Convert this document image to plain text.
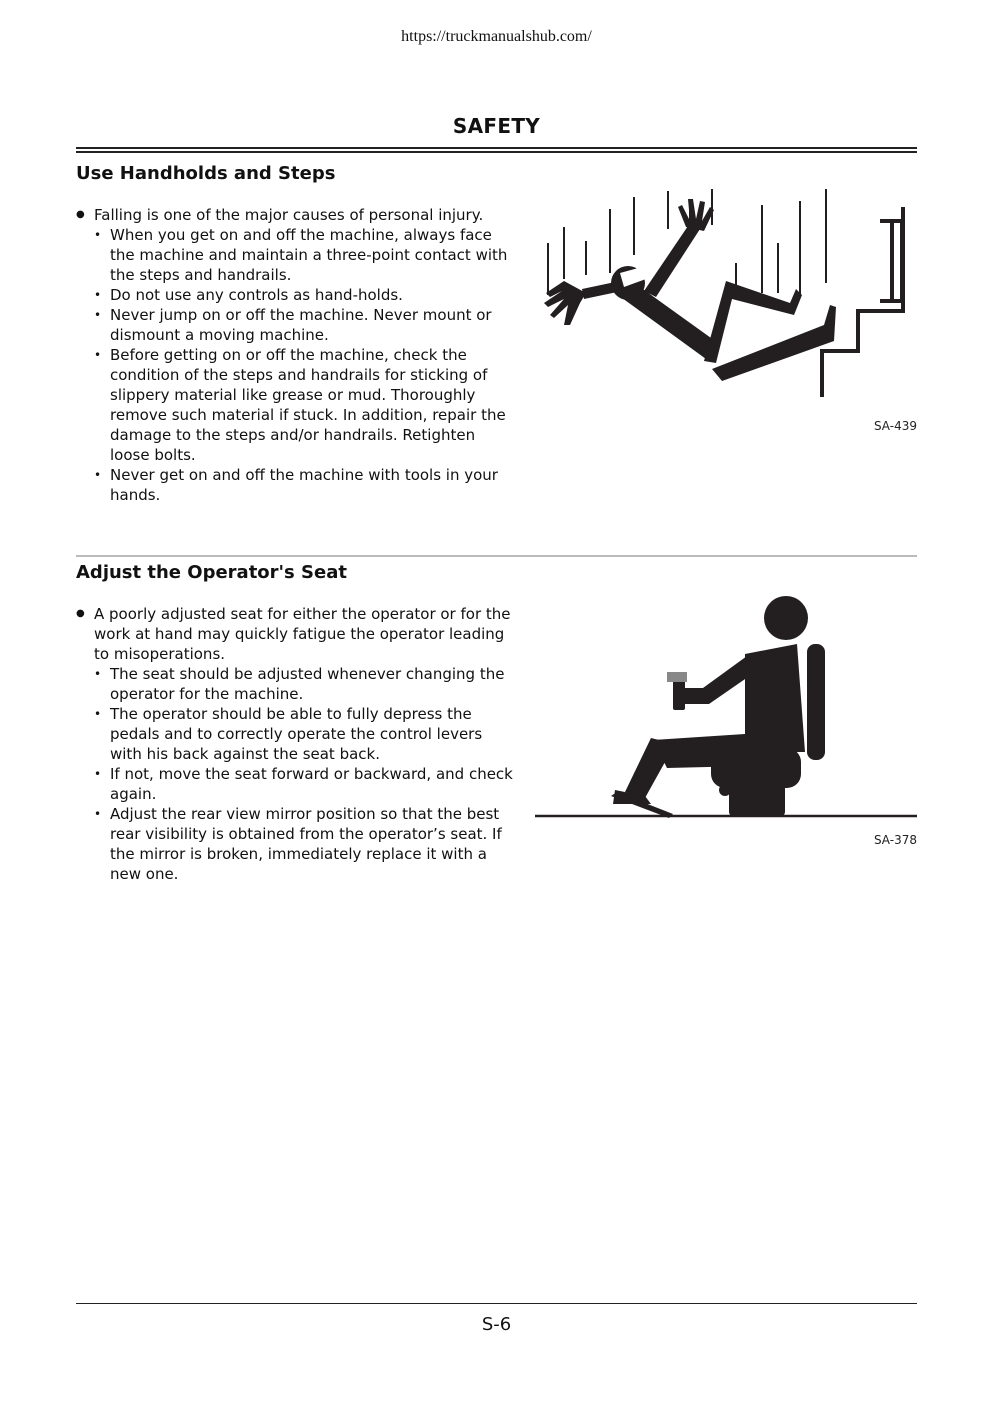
https://truckmanualshub.com/
SAFETY
Use Handholds and Steps
● Falling is one of the major causes of personal injury.
• When you get on and off the machine, always face the machine and maintain a three-point contact with the steps and handrails.
• Do not use any controls as hand-holds.
• Never jump on or off the machine. Never mount or dismount a moving machine.
• Before getting on or off the machine, check the condition of the steps and handrails for sticking of slippery material like grease or mud. Thoroughly remove such material if stuck. In addition, repair the damage to the steps and/or handrails. Retighten loose bolts.
• Never get on and off the machine with tools in your hands.
SA-439
Adjust the Operator's Seat
● A poorly adjusted seat for either the operator or for the work at hand may quickly fatigue the operator leading to misoperations.
• The seat should be adjusted whenever changing the operator for the machine.
• The operator should be able to fully depress the pedals and to correctly operate the control levers with his back against the seat back.
• If not, move the seat forward or backward, and check again.
• Adjust the rear view mirror position so that the best rear visibility is obtained from the operator’s seat. If the mirror is broken, immediately replace it with a new one.
SA-378
S-6
